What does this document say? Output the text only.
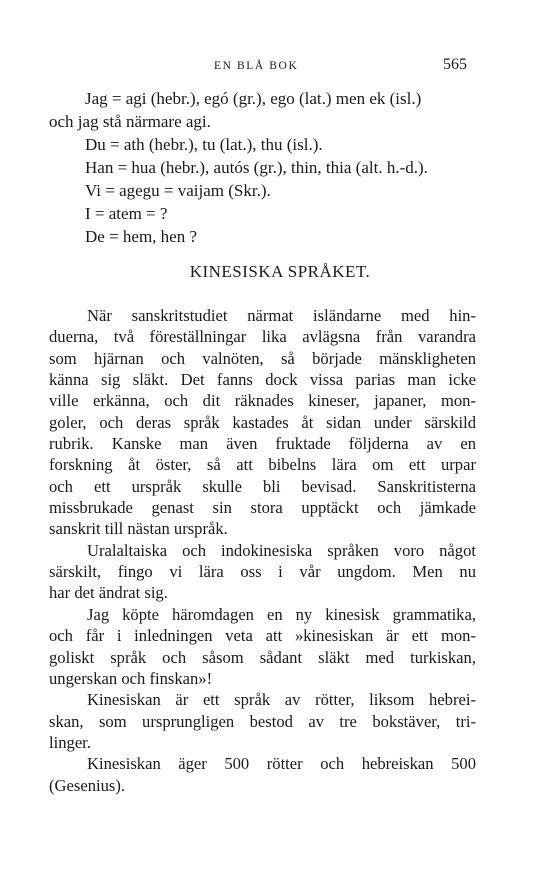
EN BLÅ BOK	565
Jag = agi (hebr.), egó (gr.), ego (lat.) men ek (isl.)
och jag stå närmare agi.
Du = ath (hebr.), tu (lat.), thu (isl.).
Han = hua (hebr.), autós (gr.), thin, thia (alt. h.-d.).
Vi = agegu = vaijam (Skr.).
I = atem = ?
De = hem, hen ?
KINESISKA SPRÅKET.
När sanskritstudiet närmat isländarne med hin-
duerna, två föreställningar lika avlägsna från varandra
som hjärnan och valnöten, så började mänskligheten
känna sig släkt. Det fanns dock vissa parias man icke
ville erkänna, och dit räknades kineser, japaner, mon-
goler, och deras språk kastades åt sidan under särskild
rubrik. Kanske man även fruktade följderna av en
forskning åt öster, så att bibelns lära om ett urpar
och ett urspråk skulle bli bevisad. Sanskritisterna
missbrukade genast sin stora upptäckt och jämkade
sanskrit till nästan urspråk.
Uralaltaiska och indokinesiska språken voro något
särskilt, fingo vi lära oss i vår ungdom. Men nu
har det ändrat sig.
Jag köpte häromdagen en ny kinesisk grammatika,
och får i inledningen veta att »kinesiskan är ett mon-
goliskt språk och såsom sådant släkt med turkiskan,
ungerskan och finskan»!
Kinesiskan är ett språk av rötter, liksom hebrei-
skan, som ursprungligen bestod av tre bokstäver, tri-
linger.
Kinesiskan äger 500 rötter och hebreiskan 500
(Gesenius).
